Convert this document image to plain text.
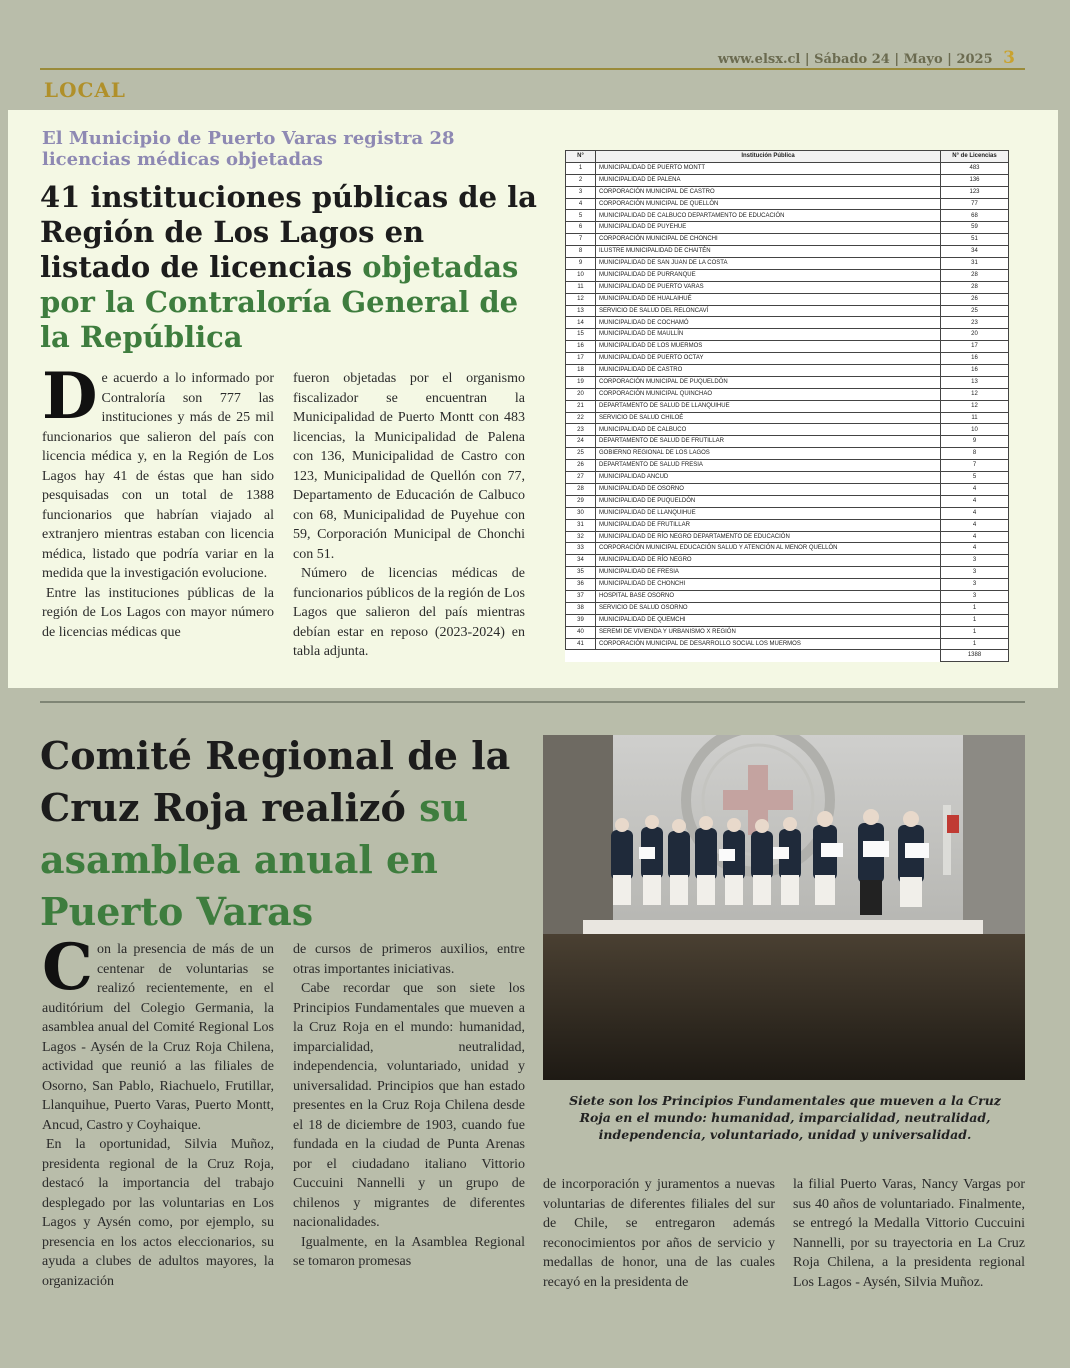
www.elsx.cl | Sábado 24 | Mayo | 2025 3
LOCAL
El Municipio de Puerto Varas registra 28 licencias médicas objetadas
41 instituciones públicas de la Región de Los Lagos en listado de licencias objetadas por la Contraloría General de la República

De acuerdo a lo informado por Contraloría son 777 las instituciones y más de 25 mil funcionarios que salieron del país con licencia médica y, en la Región de Los Lagos hay 41 de éstas que han sido pesquisadas con un total de 1388 funcionarios que habrían viajado al extranjero mientras estaban con licencia médica, listado que podría variar en la medida que la investigación evolucione.

Entre las instituciones públicas de la región de Los Lagos con mayor número de licencias médicas que

fueron objetadas por el organismo fiscalizador se encuentran la Municipalidad de Puerto Montt con 483 licencias, la Municipalidad de Palena con 136, Municipalidad de Castro con 123, Municipalidad de Quellón con 77, Departamento de Educación de Calbuco con 68, Municipalidad de Puyehue con 59, Corporación Municipal de Chonchi con 51.

Número de licencias médicas de funcionarios públicos de la región de Los Lagos que salieron del país mientras debían estar en reposo (2023-2024) en tabla adjunta.

N°	Institución Pública	N° de Licencias
1	MUNICIPALIDAD DE PUERTO MONTT	483
2	MUNICIPALIDAD DE PALENA	136
3	CORPORACIÓN MUNICIPAL DE CASTRO	123
4	CORPORACIÓN MUNICIPAL DE QUELLÓN	77
5	MUNICIPALIDAD DE CALBUCO DEPARTAMENTO DE EDUCACIÓN	68
6	MUNICIPALIDAD DE PUYEHUE	59
7	CORPORACIÓN MUNICIPAL DE CHONCHI	51
8	ILUSTRE MUNICIPALIDAD DE CHAITÉN	34
9	MUNICIPALIDAD DE SAN JUAN DE LA COSTA	31
10	MUNICIPALIDAD DE PURRANQUE	28
11	MUNICIPALIDAD DE PUERTO VARAS	28
12	MUNICIPALIDAD DE HUALAIHUÉ	26
13	SERVICIO DE SALUD DEL RELONCAVÍ	25
14	MUNICIPALIDAD DE COCHAMÓ	23
15	MUNICIPALIDAD DE MAULLÍN	20
16	MUNICIPALIDAD DE LOS MUERMOS	17
17	MUNICIPALIDAD DE PUERTO OCTAY	16
18	MUNICIPALIDAD DE CASTRO	16
19	CORPORACIÓN MUNICIPAL DE PUQUELDÓN	13
20	CORPORACIÓN MUNICIPAL QUINCHAO	12
21	DEPARTAMENTO DE SALUD DE LLANQUIHUE	12
22	SERVICIO DE SALUD CHILOÉ	11
23	MUNICIPALIDAD DE CALBUCO	10
24	DEPARTAMENTO DE SALUD DE FRUTILLAR	9
25	GOBIERNO REGIONAL DE LOS LAGOS	8
26	DEPARTAMENTO DE SALUD FRESIA	7
27	MUNICIPALIDAD ANCUD	5
28	MUNICIPALIDAD DE OSORNO	4
29	MUNICIPALIDAD DE PUQUELDÓN	4
30	MUNICIPALIDAD DE LLANQUIHUE	4
31	MUNICIPALIDAD DE FRUTILLAR	4
32	MUNICIPALIDAD DE RÍO NEGRO DEPARTAMENTO DE EDUCACIÓN	4
33	CORPORACIÓN MUNICIPAL EDUCACIÓN SALUD Y ATENCIÓN AL MENOR QUELLÓN	4
34	MUNICIPALIDAD DE RÍO NEGRO	3
35	MUNICIPALIDAD DE FRESIA	3
36	MUNICIPALIDAD DE CHONCHI	3
37	HOSPITAL BASE OSORNO	3
38	SERVICIO DE SALUD OSORNO	1
39	MUNICIPALIDAD DE QUEMCHI	1
40	SEREMI DE VIVIENDA Y URBANISMO X REGIÓN	1
41	CORPORACIÓN MUNICIPAL DE DESARROLLO SOCIAL LOS MUERMOS	1
		1388
Comité Regional de la Cruz Roja realizó su asamblea anual en Puerto Varas

Con la presencia de más de un centenar de voluntarias se realizó recientemente, en el auditórium del Colegio Germania, la asamblea anual del Comité Regional Los Lagos - Aysén de la Cruz Roja Chilena, actividad que reunió a las filiales de Osorno, San Pablo, Riachuelo, Frutillar, Llanquihue, Puerto Varas, Puerto Montt, Ancud, Castro y Coyhaique.

En la oportunidad, Silvia Muñoz, presidenta regional de la Cruz Roja, destacó la importancia del trabajo desplegado por las voluntarias en Los Lagos y Aysén como, por ejemplo, su presencia en los actos eleccionarios, su ayuda a clubes de adultos mayores, la organización

de cursos de primeros auxilios, entre otras importantes iniciativas.

Cabe recordar que son siete los Principios Fundamentales que mueven a la Cruz Roja en el mundo: humanidad, imparcialidad, neutralidad, independencia, voluntariado, unidad y universalidad. Principios que han estado presentes en la Cruz Roja Chilena desde el 18 de diciembre de 1903, cuando fue fundada en la ciudad de Punta Arenas por el ciudadano italiano Vittorio Cuccuini Nannelli y un grupo de chilenos y migrantes de diferentes nacionalidades.

Igualmente, en la Asamblea Regional se tomaron promesas

de incorporación y juramentos a nuevas voluntarias de diferentes filiales del sur de Chile, se entregaron además reconocimientos por años de servicio y medallas de honor, una de las cuales recayó en la presidenta de

la filial Puerto Varas, Nancy Vargas por sus 40 años de voluntariado. Finalmente, se entregó la Medalla Vittorio Cuccuini Nannelli, por su trayectoria en La Cruz Roja Chilena, a la presidenta regional Los Lagos - Aysén, Silvia Muñoz.

Siete son los Principios Fundamentales que mueven a la Cruz Roja en el mundo: humanidad, imparcialidad, neutralidad, independencia, voluntariado, unidad y universalidad.
